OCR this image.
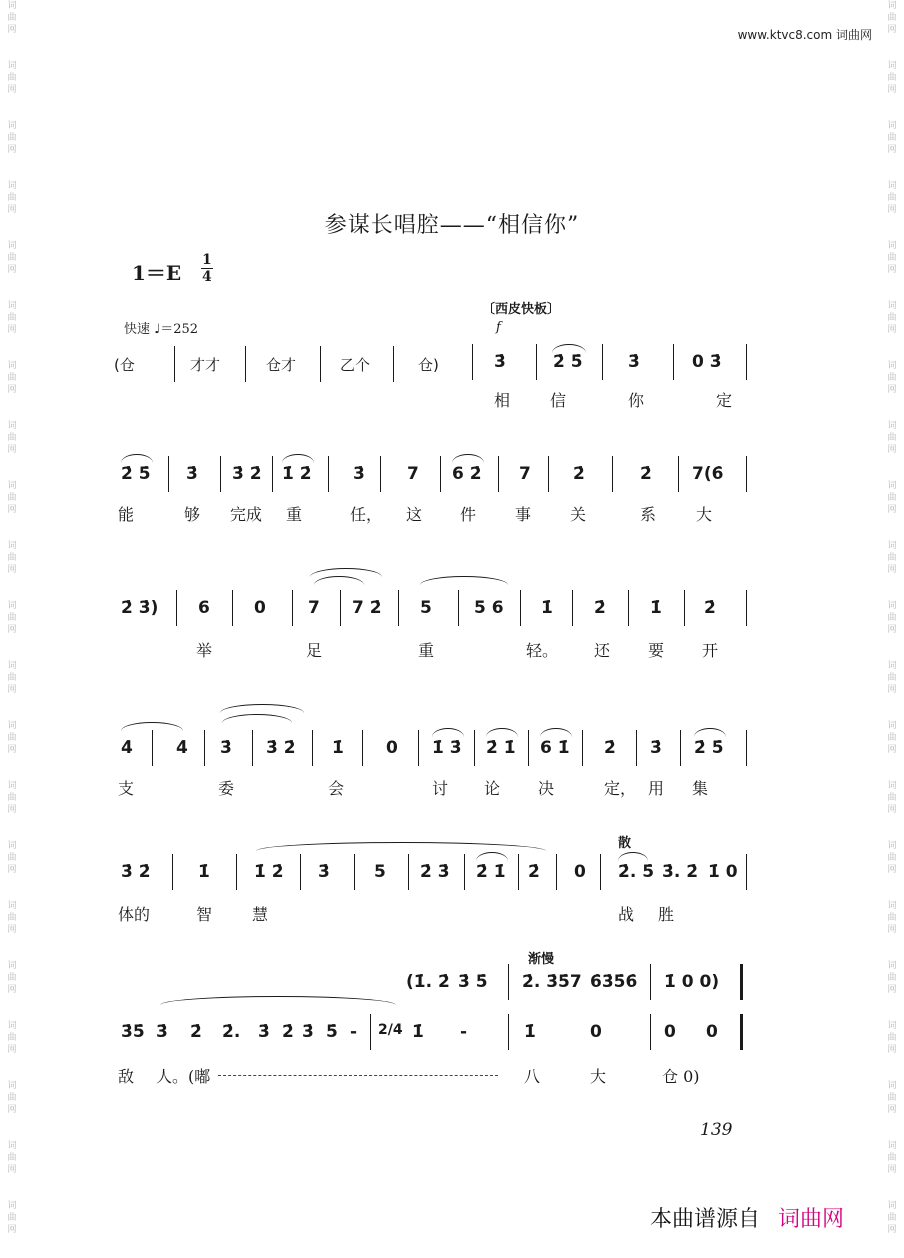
词曲网
词曲网
词曲网
词曲网
词曲网
词曲网
词曲网
词曲网
词曲网
词曲网
词曲网
词曲网
词曲网
词曲网
词曲网
词曲网
词曲网
词曲网
词曲网
词曲网
词曲网
词曲网
词曲网
词曲网
词曲网
词曲网
词曲网
词曲网
词曲网
词曲网
词曲网
词曲网
词曲网
词曲网
词曲网
词曲网
词曲网
词曲网
词曲网
词曲网
词曲网
词曲网
www.ktvc8.com 词曲网
参谋长唱腔——“相信你”
$1=E \frac{1}{4}$
快速 ♩＝252
〔西皮快板〕
f
(仓	才才	仓才	乙个	仓)	3̇	2̇ 5̇	3̇	0 3̇
相 信	你	定
2̇ 5̇ 3̇ 3̇ 2̇ 1̇ 2̇ 3̇ 7 6 2̇ 7 2̇	2̇ 7(6̇
能	够 完成 重	任， 这 件 事 关	系 大
2̇ 3̇) 6	0 7 7 2̇ 5 5 6 1̇ 2̇	1̇ 2̇
举	足	重	轻。 还 要 开
4̇	4̇ 3̇ 3̇ 2̇ 1̇ 0 1̇ 3̇ 2̇ 1̇ 6 1̇ 2̇ 3̇ 2̇ 5̇
支	委	会	讨 论 决	定， 用 集
散
3̇ 2̇	1̇	1̇ 2̇ 3̇	5 2̇ 3̇ 2̇ 1̇ 2̇ 0 2̇. 5̇ 3̇. 2̇ 1̇ 0
体的	智 慧	战 胜
渐慢
(1̇. 2̇ 3̇ 5̇ 2̇. 3̇5̇7 6̇3̇5̇6̇ 1̇ 0 0)
3̇5̇ 3̇ 2̇ 2̇. 3̇ 2̇ 3̇ 5̇ - 2/4 1̇ -	1̇	0	0 0
敌 人。(嘟	八	大	仓 0)
139
本曲谱源自 词曲网
